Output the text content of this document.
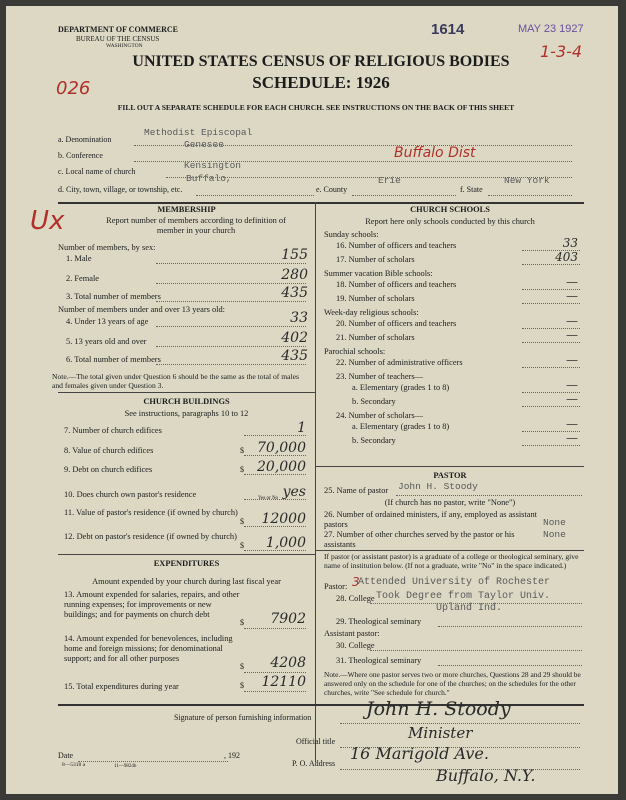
DEPARTMENT OF COMMERCE
BUREAU OF THE CENSUS
WASHINGTON
1614	MAY 23 1927
1-3-4
UNITED STATES CENSUS OF RELIGIOUS BODIES
SCHEDULE: 1926
026
FILL OUT A SEPARATE SCHEDULE FOR EACH CHURCH. SEE INSTRUCTIONS ON THE BACK OF THIS SHEET
a. Denomination
Methodist Episcopal
b. Conference
Genesee
Buffalo Dist
c. Local name of church
Kensington
d. City, town, village, or township, etc.
Buffalo,
e. County
Erie
f. State
New York
Ux	MEMBERSHIP
Report number of members according to definition of member in your church
Number of members, by sex:
1. Male	155
2. Female	280
3. Total number of members	435
4. Under 13 years of age	33
5. 13 years old and over	402
6. Total number of members	435
Number of members under and over 13 years old:
Note.—The total given under Question 6 should be the same as the total of males and females given under Question 3.
CHURCH BUILDINGS
See instructions, paragraphs 10 to 12
7. Number of church edifices	1
8. Value of church edifices	$ 70,000
9. Debt on church edifices	$ 20,000
10. Does church own pastor's residence	yes
11. Value of pastor's residence (if owned by church)
$	12000
12. Debt on pastor's residence (if owned by church)
$	1,000
Yes or No
EXPENDITURES
Amount expended by your church during last fiscal year
13. Amount expended for salaries, repairs, and other running expenses; for improvements or new buildings; and for payments on church debt
$	7902
14. Amount expended for benevolences, including home and foreign missions; for denominational support; and for all other purposes
$	4208
15. Total expenditures during year	$	12110
CHURCH SCHOOLS
Report here only schools conducted by this church
Sunday schools:
16. Number of officers and teachers	33
17. Number of scholars	403
Summer vacation Bible schools:
18. Number of officers and teachers	—
19. Number of scholars	—
Week-day religious schools:
20. Number of officers and teachers	—
21. Number of scholars	—
Parochial schools:
22. Number of administrative officers	—
23. Number of teachers—
a. Elementary (grades 1 to 8)	—
b. Secondary	—
24. Number of scholars—
a. Elementary (grades 1 to 8)	—
b. Secondary	—
PASTOR
25. Name of pastor John H. Stoody
(If church has no pastor, write "None")
26. Number of ordained ministers, if any, employed as assistant pastors	None
27. Number of other churches served by the pastor or his assistants
None
If pastor (or assistant pastor) is a graduate of a college or theological seminary, give name of institution below. (If not a graduate, write "No" in the space indicated.)
Pastor: 3
Attended University of Rochester
28. College Took Degree from Taylor Univ.
Upland Ind.
29. Theological seminary
Assistant pastor:
30. College
31. Theological seminary
Note.—Where one pastor serves two or more churches, Questions 28 and 29 should be answered only on the schedule for one of the churches; on the schedules for the other churches, write "See schedule for church."
Signature of person furnishing information	John H. Stoody
Official title	Minister
Date	, 192
P. O. Address
16 Marigold Ave.
Buffalo, N.Y.
8—5318 a	11—9824b
